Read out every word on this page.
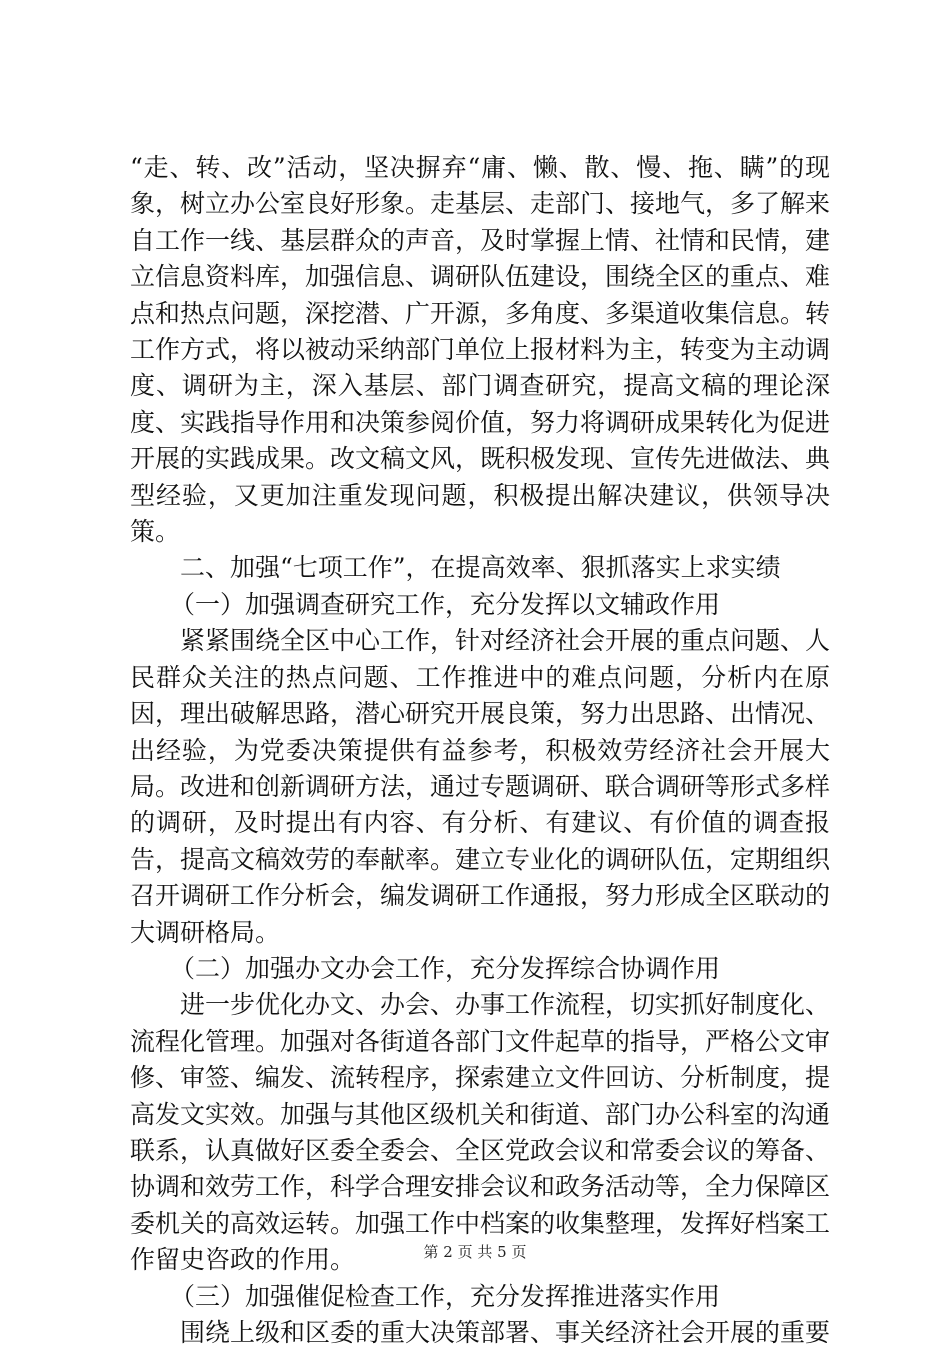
“走、转、改”活动，坚决摒弃“庸、懒、散、慢、拖、瞒”的现象，树立办公室良好形象。走基层、走部门、接地气，多了解来自工作一线、基层群众的声音，及时掌握上情、社情和民情，建立信息资料库，加强信息、调研队伍建设，围绕全区的重点、难点和热点问题，深挖潜、广开源，多角度、多渠道收集信息。转工作方式，将以被动采纳部门单位上报材料为主，转变为主动调度、调研为主，深入基层、部门调查研究，提高文稿的理论深度、实践指导作用和决策参阅价值，努力将调研成果转化为促进开展的实践成果。改文稿文风，既积极发现、宣传先进做法、典型经验，又更加注重发现问题，积极提出解决建议，供领导决策。

二、加强“七项工作”，在提高效率、狠抓落实上求实绩

（一）加强调查研究工作，充分发挥以文辅政作用

紧紧围绕全区中心工作，针对经济社会开展的重点问题、人民群众关注的热点问题、工作推进中的难点问题，分析内在原因，理出破解思路，潜心研究开展良策，努力出思路、出情况、出经验，为党委决策提供有益参考，积极效劳经济社会开展大局。改进和创新调研方法，通过专题调研、联合调研等形式多样的调研，及时提出有内容、有分析、有建议、有价值的调查报告，提高文稿效劳的奉献率。建立专业化的调研队伍，定期组织召开调研工作分析会，编发调研工作通报，努力形成全区联动的大调研格局。

（二）加强办文办会工作，充分发挥综合协调作用

进一步优化办文、办会、办事工作流程，切实抓好制度化、流程化管理。加强对各街道各部门文件起草的指导，严格公文审修、审签、编发、流转程序，探索建立文件回访、分析制度，提高发文实效。加强与其他区级机关和街道、部门办公科室的沟通联系，认真做好区委全委会、全区党政会议和常委会议的筹备、协调和效劳工作，科学合理安排会议和政务活动等，全力保障区委机关的高效运转。加强工作中档案的收集整理，发挥好档案工作留史咨政的作用。

（三）加强催促检查工作，充分发挥推进落实作用

围绕上级和区委的重大决策部署、事关经济社会开展的重要

第 2 页 共 5 页
